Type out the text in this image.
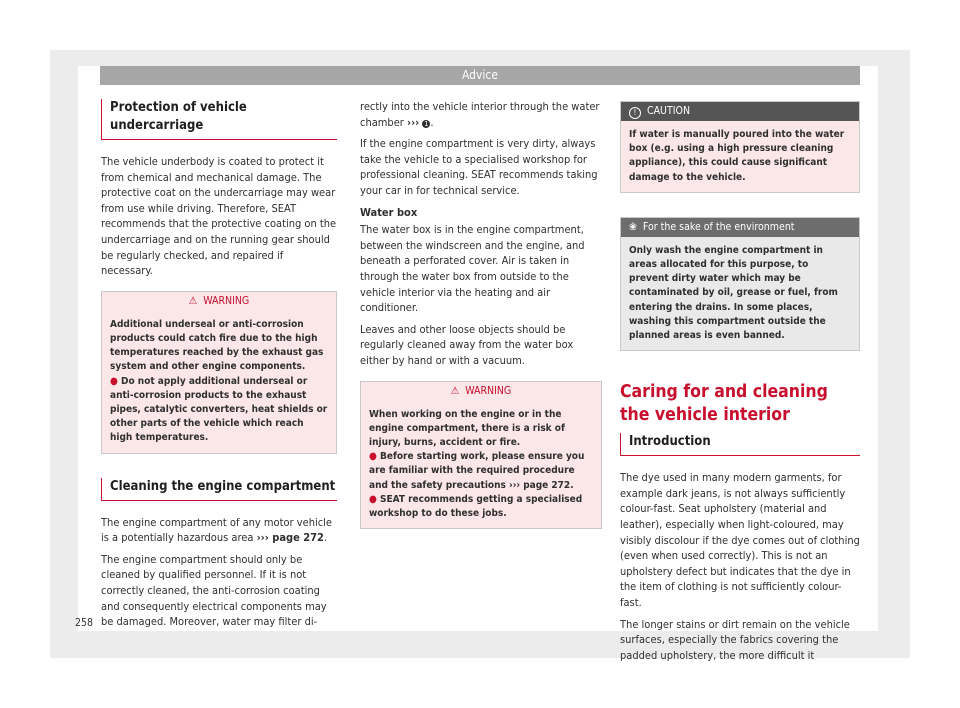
Advice
Protection of vehicle undercarriage

The vehicle underbody is coated to protect it from chemical and mechanical damage. The protective coat on the undercarriage may wear from use while driving. Therefore, SEAT recommends that the protective coating on the undercarriage and on the running gear should be regularly checked, and repaired if necessary.

⚠ WARNING

Additional underseal or anti-corrosion products could catch fire due to the high temperatures reached by the exhaust gas system and other engine components.

● Do not apply additional underseal or anti-corrosion products to the exhaust pipes, catalytic converters, heat shields or other parts of the vehicle which reach high temperatures.

Cleaning the engine compartment

The engine compartment of any motor vehicle is a potentially hazardous area ››› page 272.

The engine compartment should only be cleaned by qualified personnel. If it is not correctly cleaned, the anti-corrosion coating and consequently electrical components may be damaged. Moreover, water may filter di-

rectly into the vehicle interior through the water chamber ››› 1 .

If the engine compartment is very dirty, always take the vehicle to a specialised workshop for professional cleaning. SEAT recommends taking your car in for technical service.

Water box

The water box is in the engine compartment, between the windscreen and the engine, and beneath a perforated cover. Air is taken in through the water box from outside to the vehicle interior via the heating and air conditioner.

Leaves and other loose objects should be regularly cleaned away from the water box either by hand or with a vacuum.

⚠ WARNING

When working on the engine or in the engine compartment, there is a risk of injury, burns, accident or fire.

● Before starting work, please ensure you are familiar with the required procedure and the safety precautions ››› page 272.

● SEAT recommends getting a specialised workshop to do these jobs.

! CAUTION

If water is manually poured into the water box (e.g. using a high pressure cleaning appliance), this could cause significant damage to the vehicle.

❀ For the sake of the environment

Only wash the engine compartment in areas allocated for this purpose, to prevent dirty water which may be contaminated by oil, grease or fuel, from entering the drains. In some places, washing this compartment outside the planned areas is even banned.

Caring for and cleaning the vehicle interior
Introduction

The dye used in many modern garments, for example dark jeans, is not always sufficiently colour-fast. Seat upholstery (material and leather), especially when light-coloured, may visibly discolour if the dye comes out of clothing (even when used correctly). This is not an upholstery defect but indicates that the dye in the item of clothing is not sufficiently colour-fast.

The longer stains or dirt remain on the vehicle surfaces, especially the fabrics covering the padded upholstery, the more difficult it

258
